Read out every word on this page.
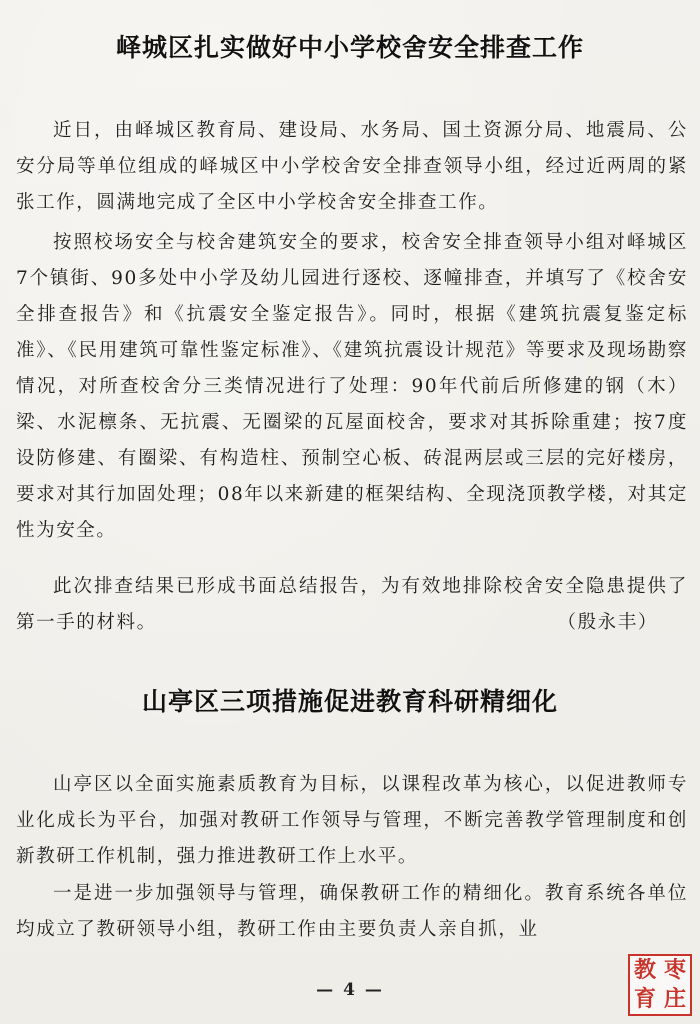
峄城区扎实做好中小学校舍安全排查工作

近日，由峄城区教育局、建设局、水务局、国土资源分局、地震局、公安分局等单位组成的峄城区中小学校舍安全排查领导小组，经过近两周的紧张工作，圆满地完成了全区中小学校舍安全排查工作。

按照校场安全与校舍建筑安全的要求，校舍安全排查领导小组对峄城区7个镇街、90多处中小学及幼儿园进行逐校、逐幢排查，并填写了《校舍安全排查报告》和《抗震安全鉴定报告》。同时，根据《建筑抗震复鉴定标准》、《民用建筑可靠性鉴定标准》、《建筑抗震设计规范》等要求及现场勘察情况，对所查校舍分三类情况进行了处理：90年代前后所修建的钢（木）梁、水泥檩条、无抗震、无圈梁的瓦屋面校舍，要求对其拆除重建；按7度设防修建、有圈梁、有构造柱、预制空心板、砖混两层或三层的完好楼房，要求对其行加固处理；08年以来新建的框架结构、全现浇顶教学楼，对其定性为安全。

此次排查结果已形成书面总结报告，为有效地排除校舍安全隐患提供了第一手的材料。	（殷永丰）
山亭区三项措施促进教育科研精细化

山亭区以全面实施素质教育为目标，以课程改革为核心，以促进教师专业化成长为平台，加强对教研工作领导与管理，不断完善教学管理制度和创新教研工作机制，强力推进教研工作上水平。

一是进一步加强领导与管理，确保教研工作的精细化。教育系统各单位均成立了教研领导小组，教研工作由主要负责人亲自抓，业

— 4 —
教 枣
育 庄
